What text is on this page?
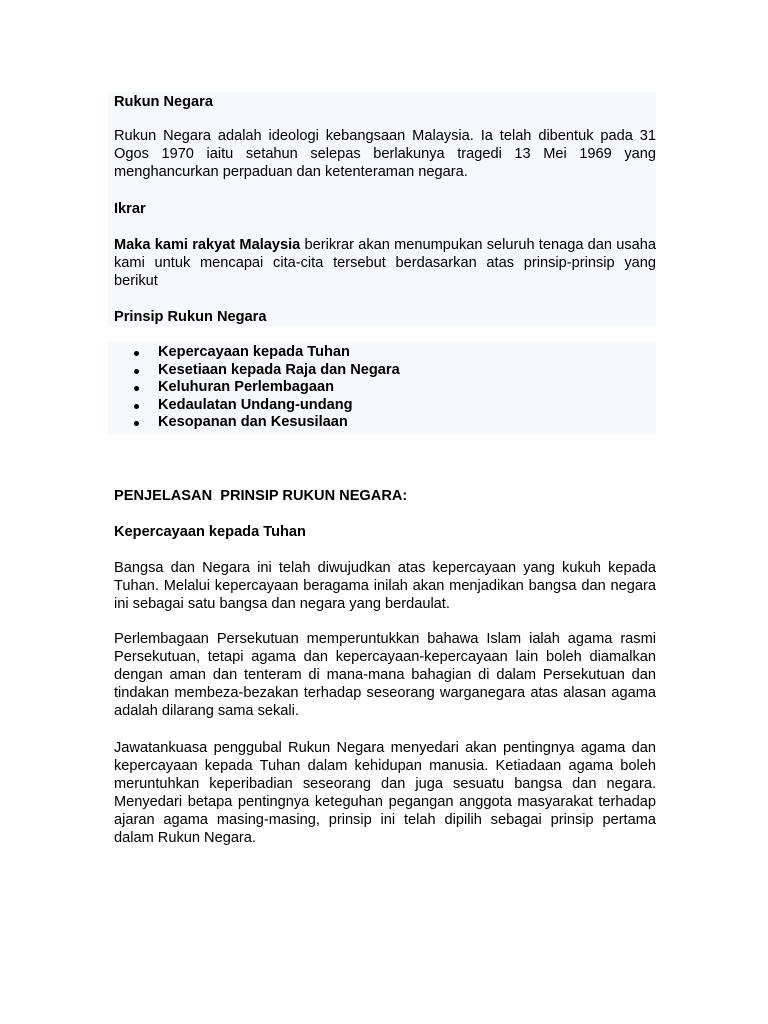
Rukun Negara

Rukun Negara adalah ideologi kebangsaan Malaysia. Ia telah dibentuk pada 31 Ogos 1970 iaitu setahun selepas berlakunya tragedi 13 Mei 1969 yang menghancurkan perpaduan dan ketenteraman negara.

Ikrar

Maka kami rakyat Malaysia berikrar akan menumpukan seluruh tenaga dan usaha kami untuk mencapai cita-cita tersebut berdasarkan atas prinsip-prinsip yang berikut

Prinsip Rukun Negara
Kepercayaan kepada Tuhan
Kesetiaan kepada Raja dan Negara
Keluhuran Perlembagaan
Kedaulatan Undang-undang
Kesopanan dan Kesusilaan
PENJELASAN  PRINSIP RUKUN NEGARA:
Kepercayaan kepada Tuhan

Bangsa dan Negara ini telah diwujudkan atas kepercayaan yang kukuh kepada Tuhan. Melalui kepercayaan beragama inilah akan menjadikan bangsa dan negara ini sebagai satu bangsa dan negara yang berdaulat.

Perlembagaan Persekutuan memperuntukkan bahawa Islam ialah agama rasmi Persekutuan, tetapi agama dan kepercayaan-kepercayaan lain boleh diamalkan dengan aman dan tenteram di mana-mana bahagian di dalam Persekutuan dan tindakan membeza-bezakan terhadap seseorang warganegara atas alasan agama adalah dilarang sama sekali.

Jawatankuasa penggubal Rukun Negara menyedari akan pentingnya agama dan kepercayaan kepada Tuhan dalam kehidupan manusia. Ketiadaan agama boleh meruntuhkan keperibadian seseorang dan juga sesuatu bangsa dan negara. Menyedari betapa pentingnya keteguhan pegangan anggota masyarakat terhadap ajaran agama masing-masing, prinsip ini telah dipilih sebagai prinsip pertama dalam Rukun Negara.
